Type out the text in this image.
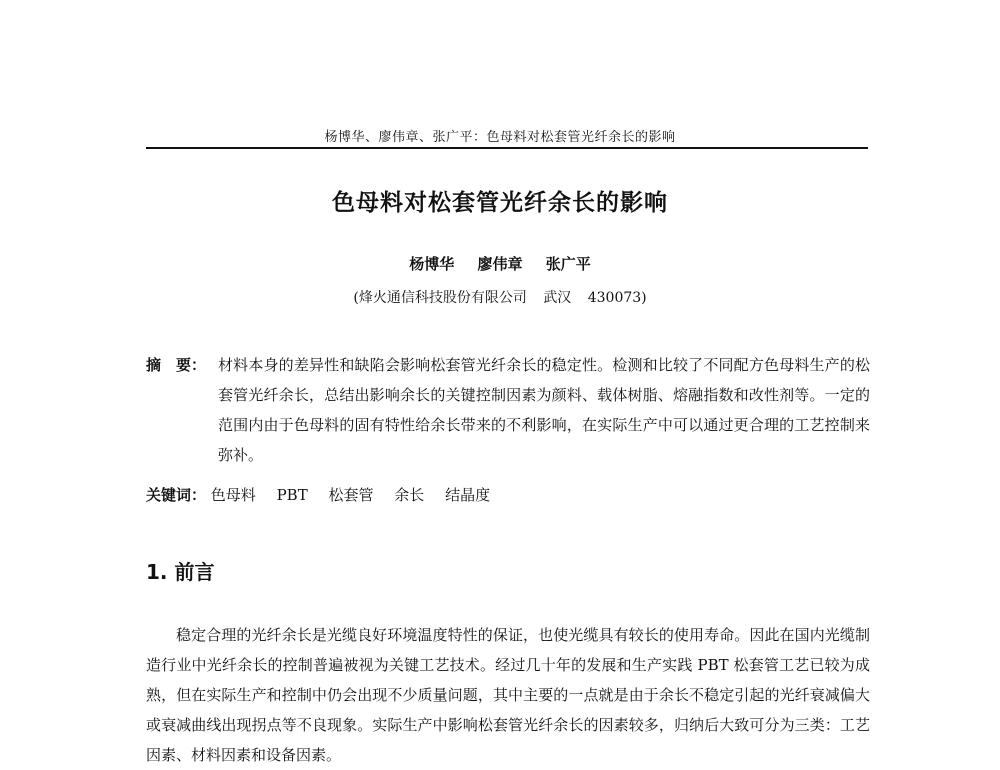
杨博华、廖伟章、张广平：色母料对松套管光纤余长的影响
色母料对松套管光纤余长的影响
杨博华 廖伟章 张广平
(烽火通信科技股份有限公司 武汉 430073)
摘　要： 材料本身的差异性和缺陷会影响松套管光纤余长的稳定性。检测和比较了不同配方色母料生产的松套管光纤余长，总结出影响余长的关键控制因素为颜料、载体树脂、熔融指数和改性剂等。一定的范围内由于色母料的固有特性给余长带来的不利影响，在实际生产中可以通过更合理的工艺控制来弥补。
关键词： 色母料 PBT 松套管 余长 结晶度
1. 前言
稳定合理的光纤余长是光缆良好环境温度特性的保证，也使光缆具有较长的使用寿命。因此在国内光缆制造行业中光纤余长的控制普遍被视为关键工艺技术。经过几十年的发展和生产实践 PBT 松套管工艺已较为成熟，但在实际生产和控制中仍会出现不少质量问题，其中主要的一点就是由于余长不稳定引起的光纤衰减偏大或衰减曲线出现拐点等不良现象。实际生产中影响松套管光纤余长的因素较多，归纳后大致可分为三类：工艺因素、材料因素和设备因素。
